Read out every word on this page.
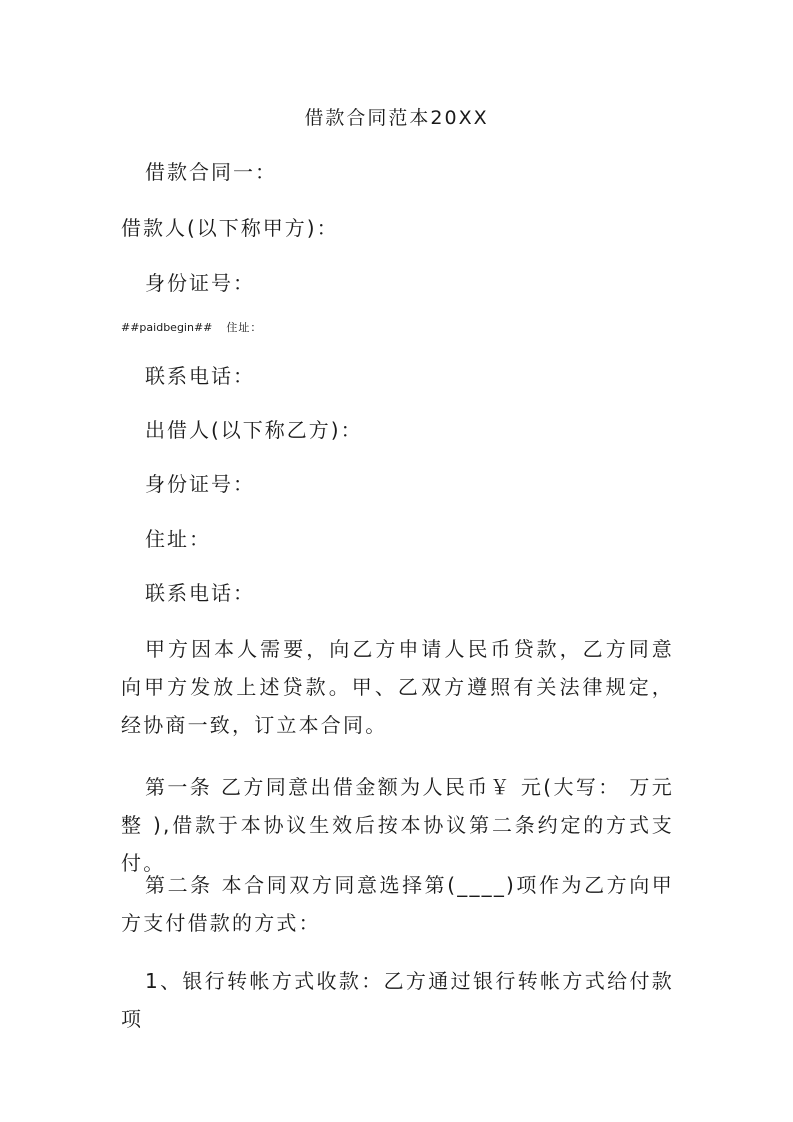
借款合同范本20XX
借款合同一：
借款人(以下称甲方)：
身份证号：
##paidbegin## 住址：
联系电话：
出借人(以下称乙方)：
身份证号：
住址：
联系电话：
甲方因本人需要，向乙方申请人民币贷款，乙方同意向甲方发放上述贷款。甲、乙双方遵照有关法律规定，经协商一致，订立本合同。
第一条 乙方同意出借金额为人民币￥ 元(大写： 万元整 ),借款于本协议生效后按本协议第二条约定的方式支付。
第二条 本合同双方同意选择第(____)项作为乙方向甲方支付借款的方式：
1、银行转帐方式收款：乙方通过银行转帐方式给付款项
